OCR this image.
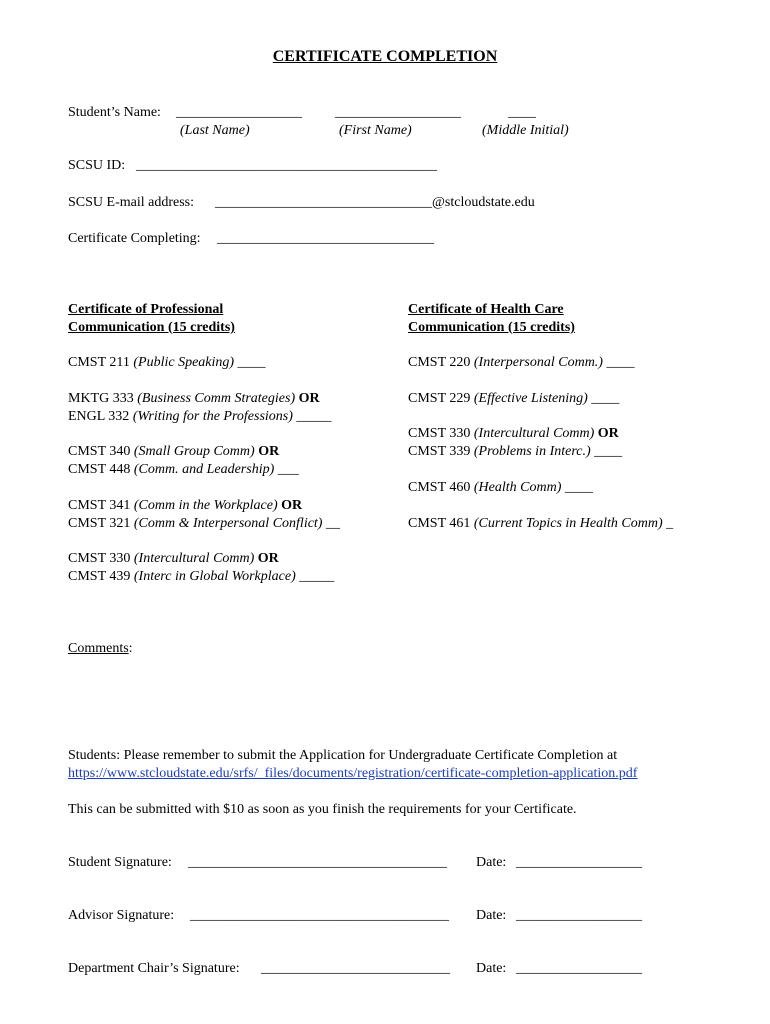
CERTIFICATE COMPLETION
Student’s Name: __________________ __________________	____
(Last Name)	(First Name)	(Middle Initial)
SCSU ID: ___________________________________________
SCSU E-mail address: _______________________________@stcloudstate.edu
Certificate Completing: _______________________________
Certificate of Professional
Communication (15 credits)
CMST 211 (Public Speaking) ____
MKTG 333 (Business Comm Strategies) OR
ENGL 332 (Writing for the Professions) _____
CMST 340 (Small Group Comm) OR
CMST 448 (Comm. and Leadership) ___
CMST 341 (Comm in the Workplace) OR
CMST 321 (Comm & Interpersonal Conflict) __
CMST 330 (Intercultural Comm) OR
CMST 439 (Interc in Global Workplace) _____
Certificate of Health Care
Communication (15 credits)
CMST 220 (Interpersonal Comm.) ____
CMST 229 (Effective Listening) ____
CMST 330 (Intercultural Comm) OR
CMST 339 (Problems in Interc.) ____
CMST 460 (Health Comm) ____
CMST 461 (Current Topics in Health Comm) _
Comments:
Students: Please remember to submit the Application for Undergraduate Certificate Completion at
https://www.stcloudstate.edu/srfs/_files/documents/registration/certificate-completion-application.pdf
This can be submitted with $10 as soon as you finish the requirements for your Certificate.
Student Signature: _____________________________________ Date: __________________
Advisor Signature: _____________________________________ Date: __________________
Department Chair’s Signature: ___________________________ Date: __________________
